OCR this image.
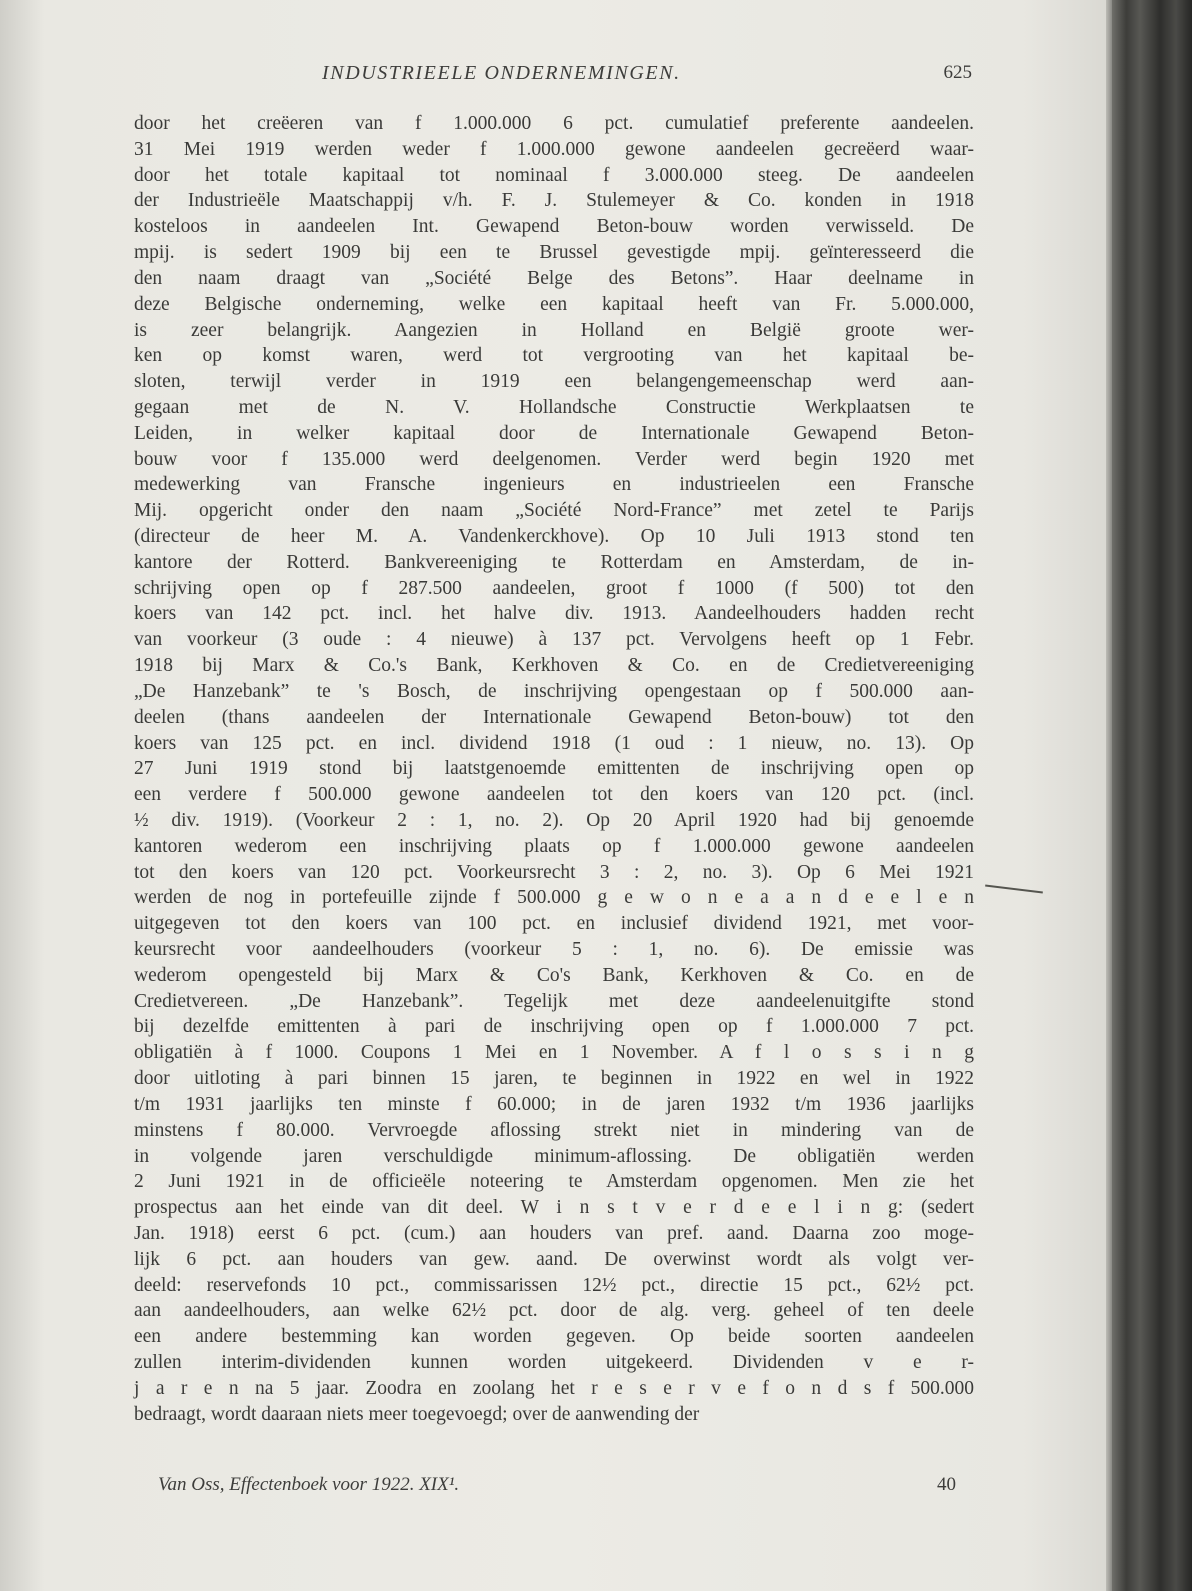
INDUSTRIEELE ONDERNEMINGEN.	625
door het creëeren van f 1.000.000 6 pct. cumulatief preferente aandeelen.
31 Mei 1919 werden weder f 1.000.000 gewone aandeelen gecreëerd waar-
door het totale kapitaal tot nominaal f 3.000.000 steeg. De aandeelen
der Industrieële Maatschappij v/h. F. J. Stulemeyer & Co. konden in 1918
kosteloos in aandeelen Int. Gewapend Beton-bouw worden verwisseld. De
mpij. is sedert 1909 bij een te Brussel gevestigde mpij. geïnteresseerd die
den naam draagt van „Société Belge des Betons”. Haar deelname in
deze Belgische onderneming, welke een kapitaal heeft van Fr. 5.000.000,
is zeer belangrijk. Aangezien in Holland en België groote wer-
ken op komst waren, werd tot vergrooting van het kapitaal be-
sloten, terwijl verder in 1919 een belangengemeenschap werd aan-
gegaan met de N. V. Hollandsche Constructie Werkplaatsen te
Leiden, in welker kapitaal door de Internationale Gewapend Beton-
bouw voor f 135.000 werd deelgenomen. Verder werd begin 1920 met
medewerking van Fransche ingenieurs en industrieelen een Fransche
Mij. opgericht onder den naam „Société Nord-France” met zetel te Parijs
(directeur de heer M. A. Vandenkerckhove). Op 10 Juli 1913 stond ten
kantore der Rotterd. Bankvereeniging te Rotterdam en Amsterdam, de in-
schrijving open op f 287.500 aandeelen, groot f 1000 (f 500) tot den
koers van 142 pct. incl. het halve div. 1913. Aandeelhouders hadden recht
van voorkeur (3 oude : 4 nieuwe) à 137 pct. Vervolgens heeft op 1 Febr.
1918 bij Marx & Co.'s Bank, Kerkhoven & Co. en de Credietvereeniging
„De Hanzebank” te 's Bosch, de inschrijving opengestaan op f 500.000 aan-
deelen (thans aandeelen der Internationale Gewapend Beton-bouw) tot den
koers van 125 pct. en incl. dividend 1918 (1 oud : 1 nieuw, no. 13). Op
27 Juni 1919 stond bij laatstgenoemde emittenten de inschrijving open op
een verdere f 500.000 gewone aandeelen tot den koers van 120 pct. (incl.
½ div. 1919). (Voorkeur 2 : 1, no. 2). Op 20 April 1920 had bij genoemde
kantoren wederom een inschrijving plaats op f 1.000.000 gewone aandeelen
tot den koers van 120 pct. Voorkeursrecht 3 : 2, no. 3). Op 6 Mei 1921
werden de nog in portefeuille zijnde f 500.000 g e w o n e a a n d e e l e n
uitgegeven tot den koers van 100 pct. en inclusief dividend 1921, met voor-
keursrecht voor aandeelhouders (voorkeur 5 : 1, no. 6). De emissie was
wederom opengesteld bij Marx & Co's Bank, Kerkhoven & Co. en de
Credietvereen. „De Hanzebank”. Tegelijk met deze aandeelenuitgifte stond
bij dezelfde emittenten à pari de inschrijving open op f 1.000.000 7 pct.
obligatiën à f 1000. Coupons 1 Mei en 1 November. A f l o s s i n g
door uitloting à pari binnen 15 jaren, te beginnen in 1922 en wel in 1922
t/m 1931 jaarlijks ten minste f 60.000; in de jaren 1932 t/m 1936 jaarlijks
minstens f 80.000. Vervroegde aflossing strekt niet in mindering van de
in volgende jaren verschuldigde minimum-aflossing. De obligatiën werden
2 Juni 1921 in de officieële noteering te Amsterdam opgenomen. Men zie het
prospectus aan het einde van dit deel. W i n s t v e r d e e l i n g: (sedert
Jan. 1918) eerst 6 pct. (cum.) aan houders van pref. aand. Daarna zoo moge-
lijk 6 pct. aan houders van gew. aand. De overwinst wordt als volgt ver-
deeld: reservefonds 10 pct., commissarissen 12½ pct., directie 15 pct., 62½ pct.
aan aandeelhouders, aan welke 62½ pct. door de alg. verg. geheel of ten deele
een andere bestemming kan worden gegeven. Op beide soorten aandeelen
zullen interim-dividenden kunnen worden uitgekeerd. Dividenden v e r-
j a r e n na 5 jaar. Zoodra en zoolang het r e s e r v e f o n d s f 500.000
bedraagt, wordt daaraan niets meer toegevoegd; over de aanwending der
Van Oss, Effectenboek voor 1922. XIX¹.	40
